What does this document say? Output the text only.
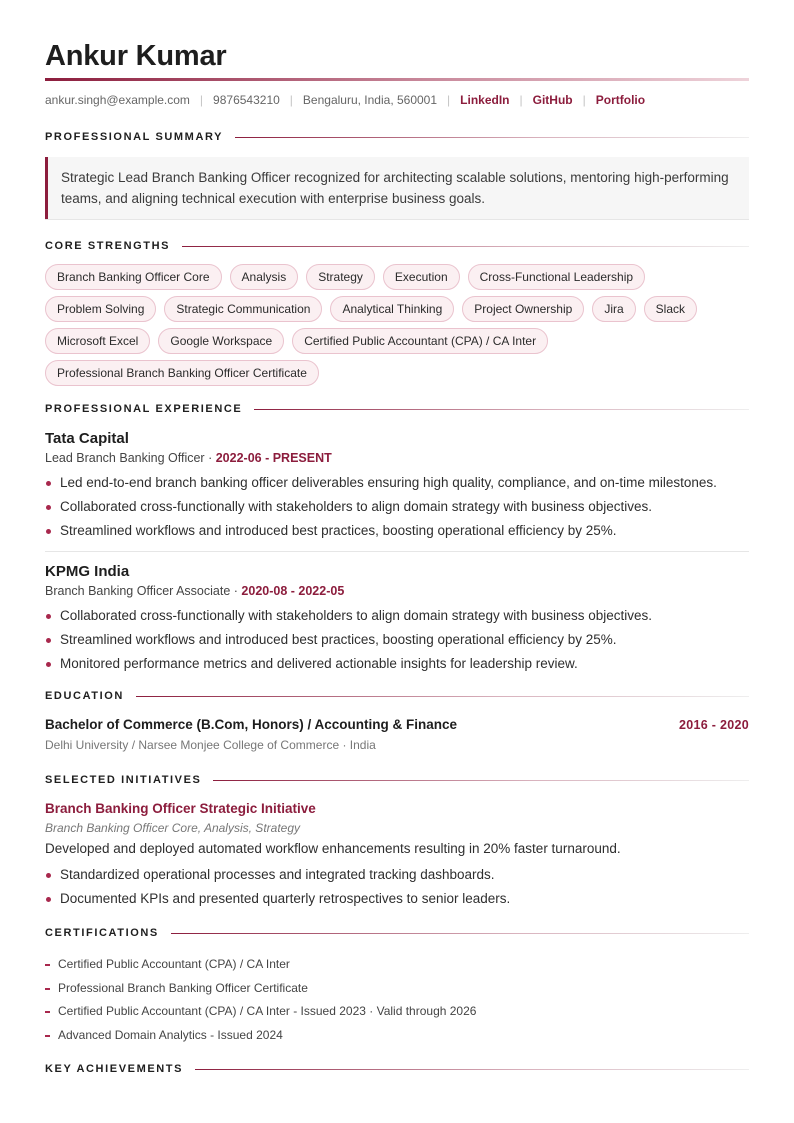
Ankur Kumar
ankur.singh@example.com | 9876543210 | Bengaluru, India, 560001 | LinkedIn | GitHub | Portfolio
PROFESSIONAL SUMMARY
Strategic Lead Branch Banking Officer recognized for architecting scalable solutions, mentoring high-performing teams, and aligning technical execution with enterprise business goals.
CORE STRENGTHS
Branch Banking Officer Core	Analysis	Strategy	Execution	Cross-Functional Leadership
Problem Solving	Strategic Communication	Analytical Thinking	Project Ownership	Jira	Slack
Microsoft Excel	Google Workspace	Certified Public Accountant (CPA) / CA Inter
Professional Branch Banking Officer Certificate
PROFESSIONAL EXPERIENCE
Tata Capital
Lead Branch Banking Officer · 2022-06 - PRESENT
Led end-to-end branch banking officer deliverables ensuring high quality, compliance, and on-time milestones.
Collaborated cross-functionally with stakeholders to align domain strategy with business objectives.
Streamlined workflows and introduced best practices, boosting operational efficiency by 25%.
KPMG India
Branch Banking Officer Associate · 2020-08 - 2022-05
Collaborated cross-functionally with stakeholders to align domain strategy with business objectives.
Streamlined workflows and introduced best practices, boosting operational efficiency by 25%.
Monitored performance metrics and delivered actionable insights for leadership review.
EDUCATION
Bachelor of Commerce (B.Com, Honors) / Accounting & Finance	2016 - 2020
Delhi University / Narsee Monjee College of Commerce · India
SELECTED INITIATIVES
Branch Banking Officer Strategic Initiative
Branch Banking Officer Core, Analysis, Strategy
Developed and deployed automated workflow enhancements resulting in 20% faster turnaround.
Standardized operational processes and integrated tracking dashboards.
Documented KPIs and presented quarterly retrospectives to senior leaders.
CERTIFICATIONS
Certified Public Accountant (CPA) / CA Inter
Professional Branch Banking Officer Certificate
Certified Public Accountant (CPA) / CA Inter - Issued 2023 · Valid through 2026
Advanced Domain Analytics - Issued 2024
KEY ACHIEVEMENTS
